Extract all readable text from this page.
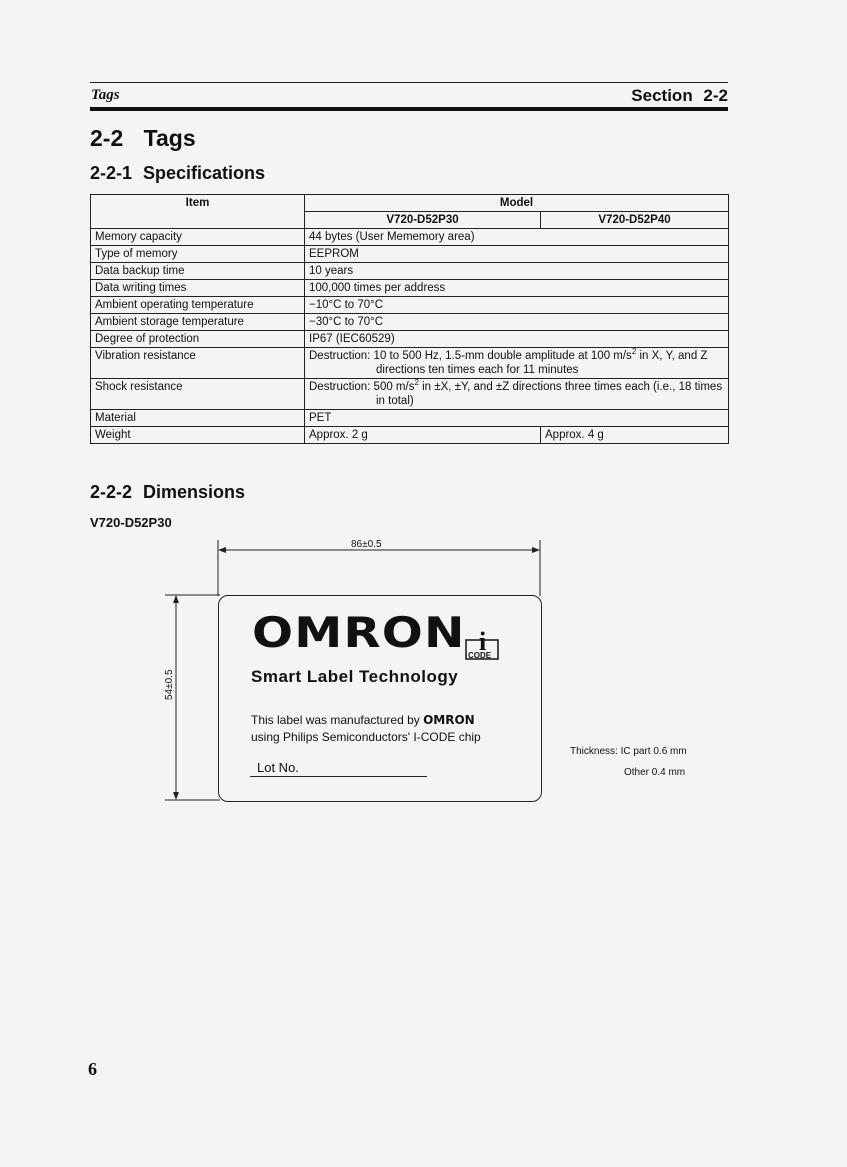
Tags	Section 2-2
2-2 Tags
2-2-1 Specifications
Item	Model	
	V720-D52P30	V720-D52P40
Memory capacity	44 bytes (User Mememory area)	
Type of memory	EEPROM	
Data backup time	10 years	
Data writing times	100,000 times per address	
Ambient operating temperature	−10°C to 70°C	
Ambient storage temperature	−30°C to 70°C	
Degree of protection	IP67 (IEC60529)	
Vibration resistance	Destruction: 10 to 500 Hz, 1.5-mm double amplitude at 100 $m/s^2$ in X, Y, and Z directions ten times each for 11 minutes	

Shock resistance	Destruction: 500 $m/s^2$ in ±X, ±Y, and ±Z directions three times each (i.e., 18 times in total)	

Material	PET	
Weight	Approx. 2 g	Approx. 4 g
2-2-2 Dimensions
V720-D52P30
86±0.5
54±0.5
OMRON
Smart Label Technology
This label was manufactured by OMRON
using Philips Semiconductors' I-CODE chip
Lot No.
i
CODE
Thickness: IC part 0.6 mm
Other 0.4 mm
6
